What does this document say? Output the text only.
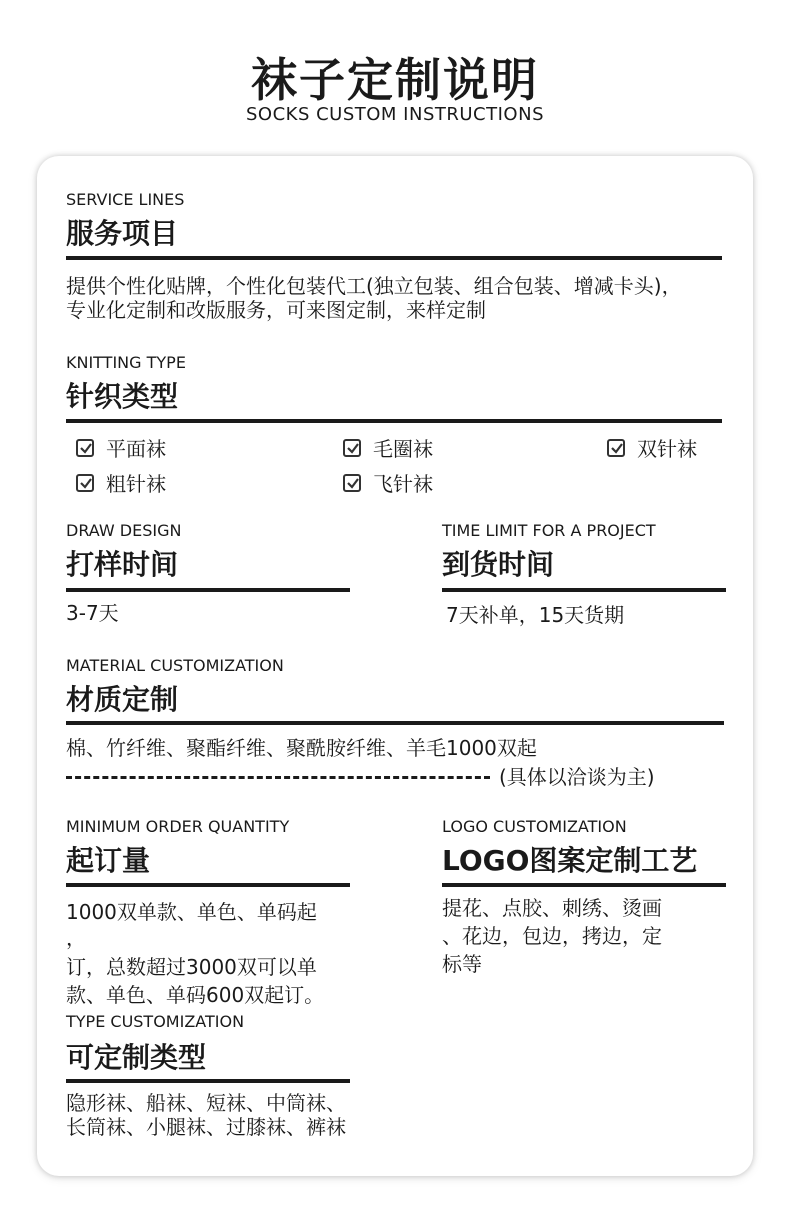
袜子定制说明
SOCKS CUSTOM INSTRUCTIONS
SERVICE LINES
服务项目
提供个性化贴牌，个性化包装代工(独立包装、组合包装、增减卡头)，
专业化定制和改版服务，可来图定制，来样定制
KNITTING TYPE
针织类型
平面袜	毛圈袜	双针袜
粗针袜	飞针袜
DRAW DESIGN
打样时间
3-7天
TIME LIMIT FOR A PROJECT
到货时间
7天补单，15天货期
MATERIAL CUSTOMIZATION
材质定制
棉、竹纤维、聚酯纤维、聚酰胺纤维、羊毛1000双起
(具体以洽谈为主)
MINIMUM ORDER QUANTITY
起订量
1000双单款、单色、单码起
，
订，总数超过3000双可以单
款、单色、单码600双起订。
LOGO CUSTOMIZATION
LOGO图案定制工艺
提花、点胶、刺绣、烫画
、花边，包边，拷边，定
标等
TYPE CUSTOMIZATION
可定制类型
隐形袜、船袜、短袜、中筒袜、
长筒袜、小腿袜、过膝袜、裤袜
